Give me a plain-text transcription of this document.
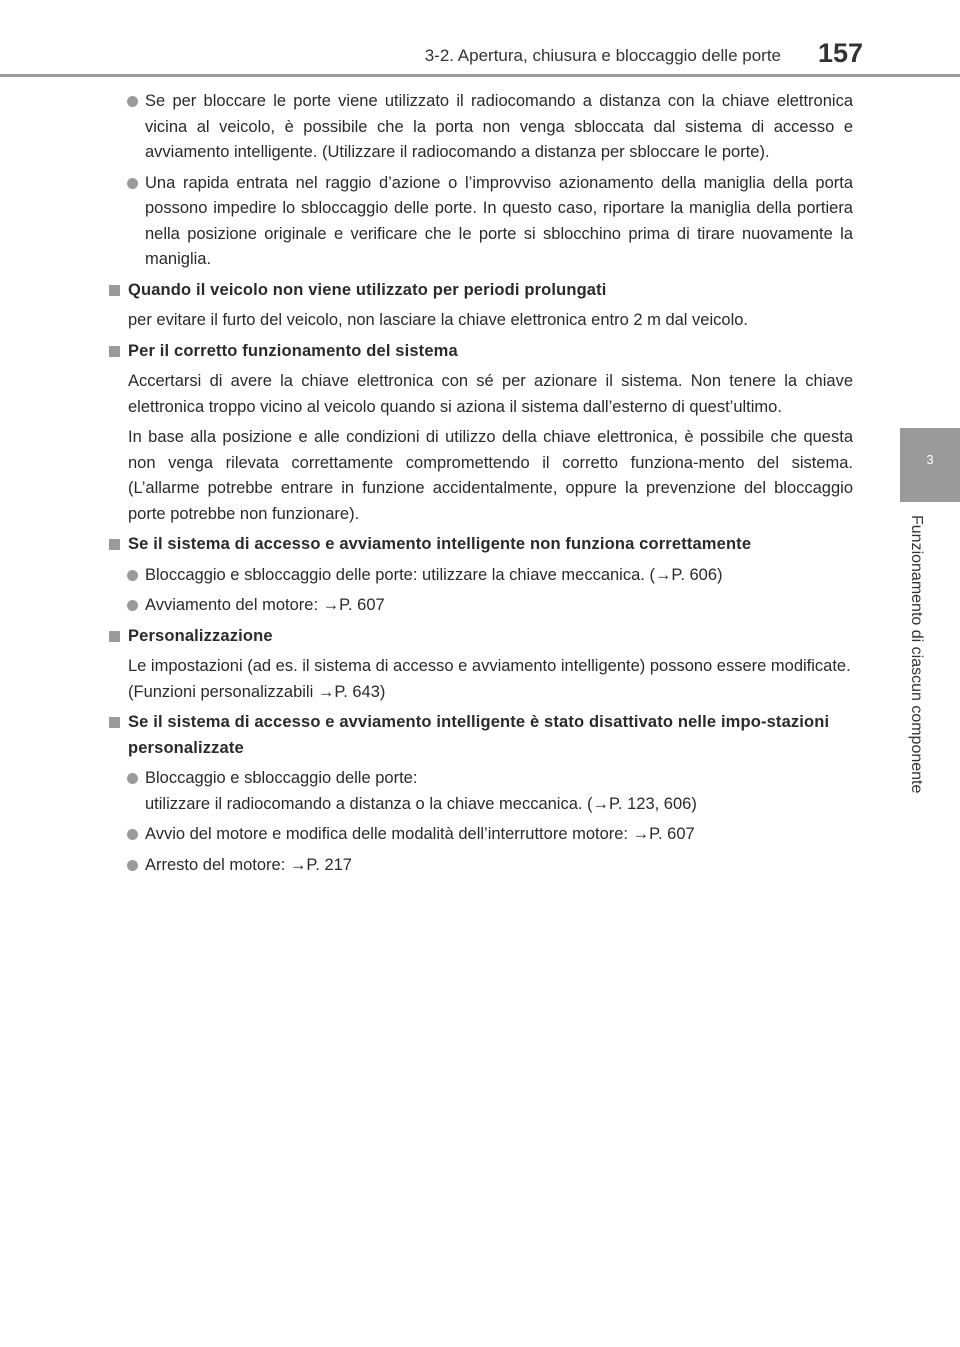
3-2. Apertura, chiusura e bloccaggio delle porte 157
3
Funzionamento di ciascun componente
Se per bloccare le porte viene utilizzato il radiocomando a distanza con la chiave elettronica vicina al veicolo, è possibile che la porta non venga sbloccata dal sistema di accesso e avviamento intelligente. (Utilizzare il radiocomando a distanza per sbloccare le porte).
Una rapida entrata nel raggio d’azione o l’improvviso azionamento della maniglia della porta possono impedire lo sbloccaggio delle porte. In questo caso, riportare la maniglia della portiera nella posizione originale e verificare che le porte si sblocchino prima di tirare nuovamente la maniglia.
Quando il veicolo non viene utilizzato per periodi prolungati
per evitare il furto del veicolo, non lasciare la chiave elettronica entro 2 m dal veicolo.
Per il corretto funzionamento del sistema
Accertarsi di avere la chiave elettronica con sé per azionare il sistema. Non tenere la chiave elettronica troppo vicino al veicolo quando si aziona il sistema dall’esterno di quest’ultimo.
In base alla posizione e alle condizioni di utilizzo della chiave elettronica, è possibile che questa non venga rilevata correttamente compromettendo il corretto funziona-mento del sistema. (L’allarme potrebbe entrare in funzione accidentalmente, oppure la prevenzione del bloccaggio porte potrebbe non funzionare).
Se il sistema di accesso e avviamento intelligente non funziona correttamente
Bloccaggio e sbloccaggio delle porte: utilizzare la chiave meccanica. (→P. 606)
Avviamento del motore: →P. 607
Personalizzazione
Le impostazioni (ad es. il sistema di accesso e avviamento intelligente) possono essere modificate.
(Funzioni personalizzabili →P. 643)
Se il sistema di accesso e avviamento intelligente è stato disattivato nelle impo-stazioni personalizzate
Bloccaggio e sbloccaggio delle porte:
utilizzare il radiocomando a distanza o la chiave meccanica. (→P. 123, 606)
Avvio del motore e modifica delle modalità dell’interruttore motore: →P. 607
Arresto del motore: →P. 217
